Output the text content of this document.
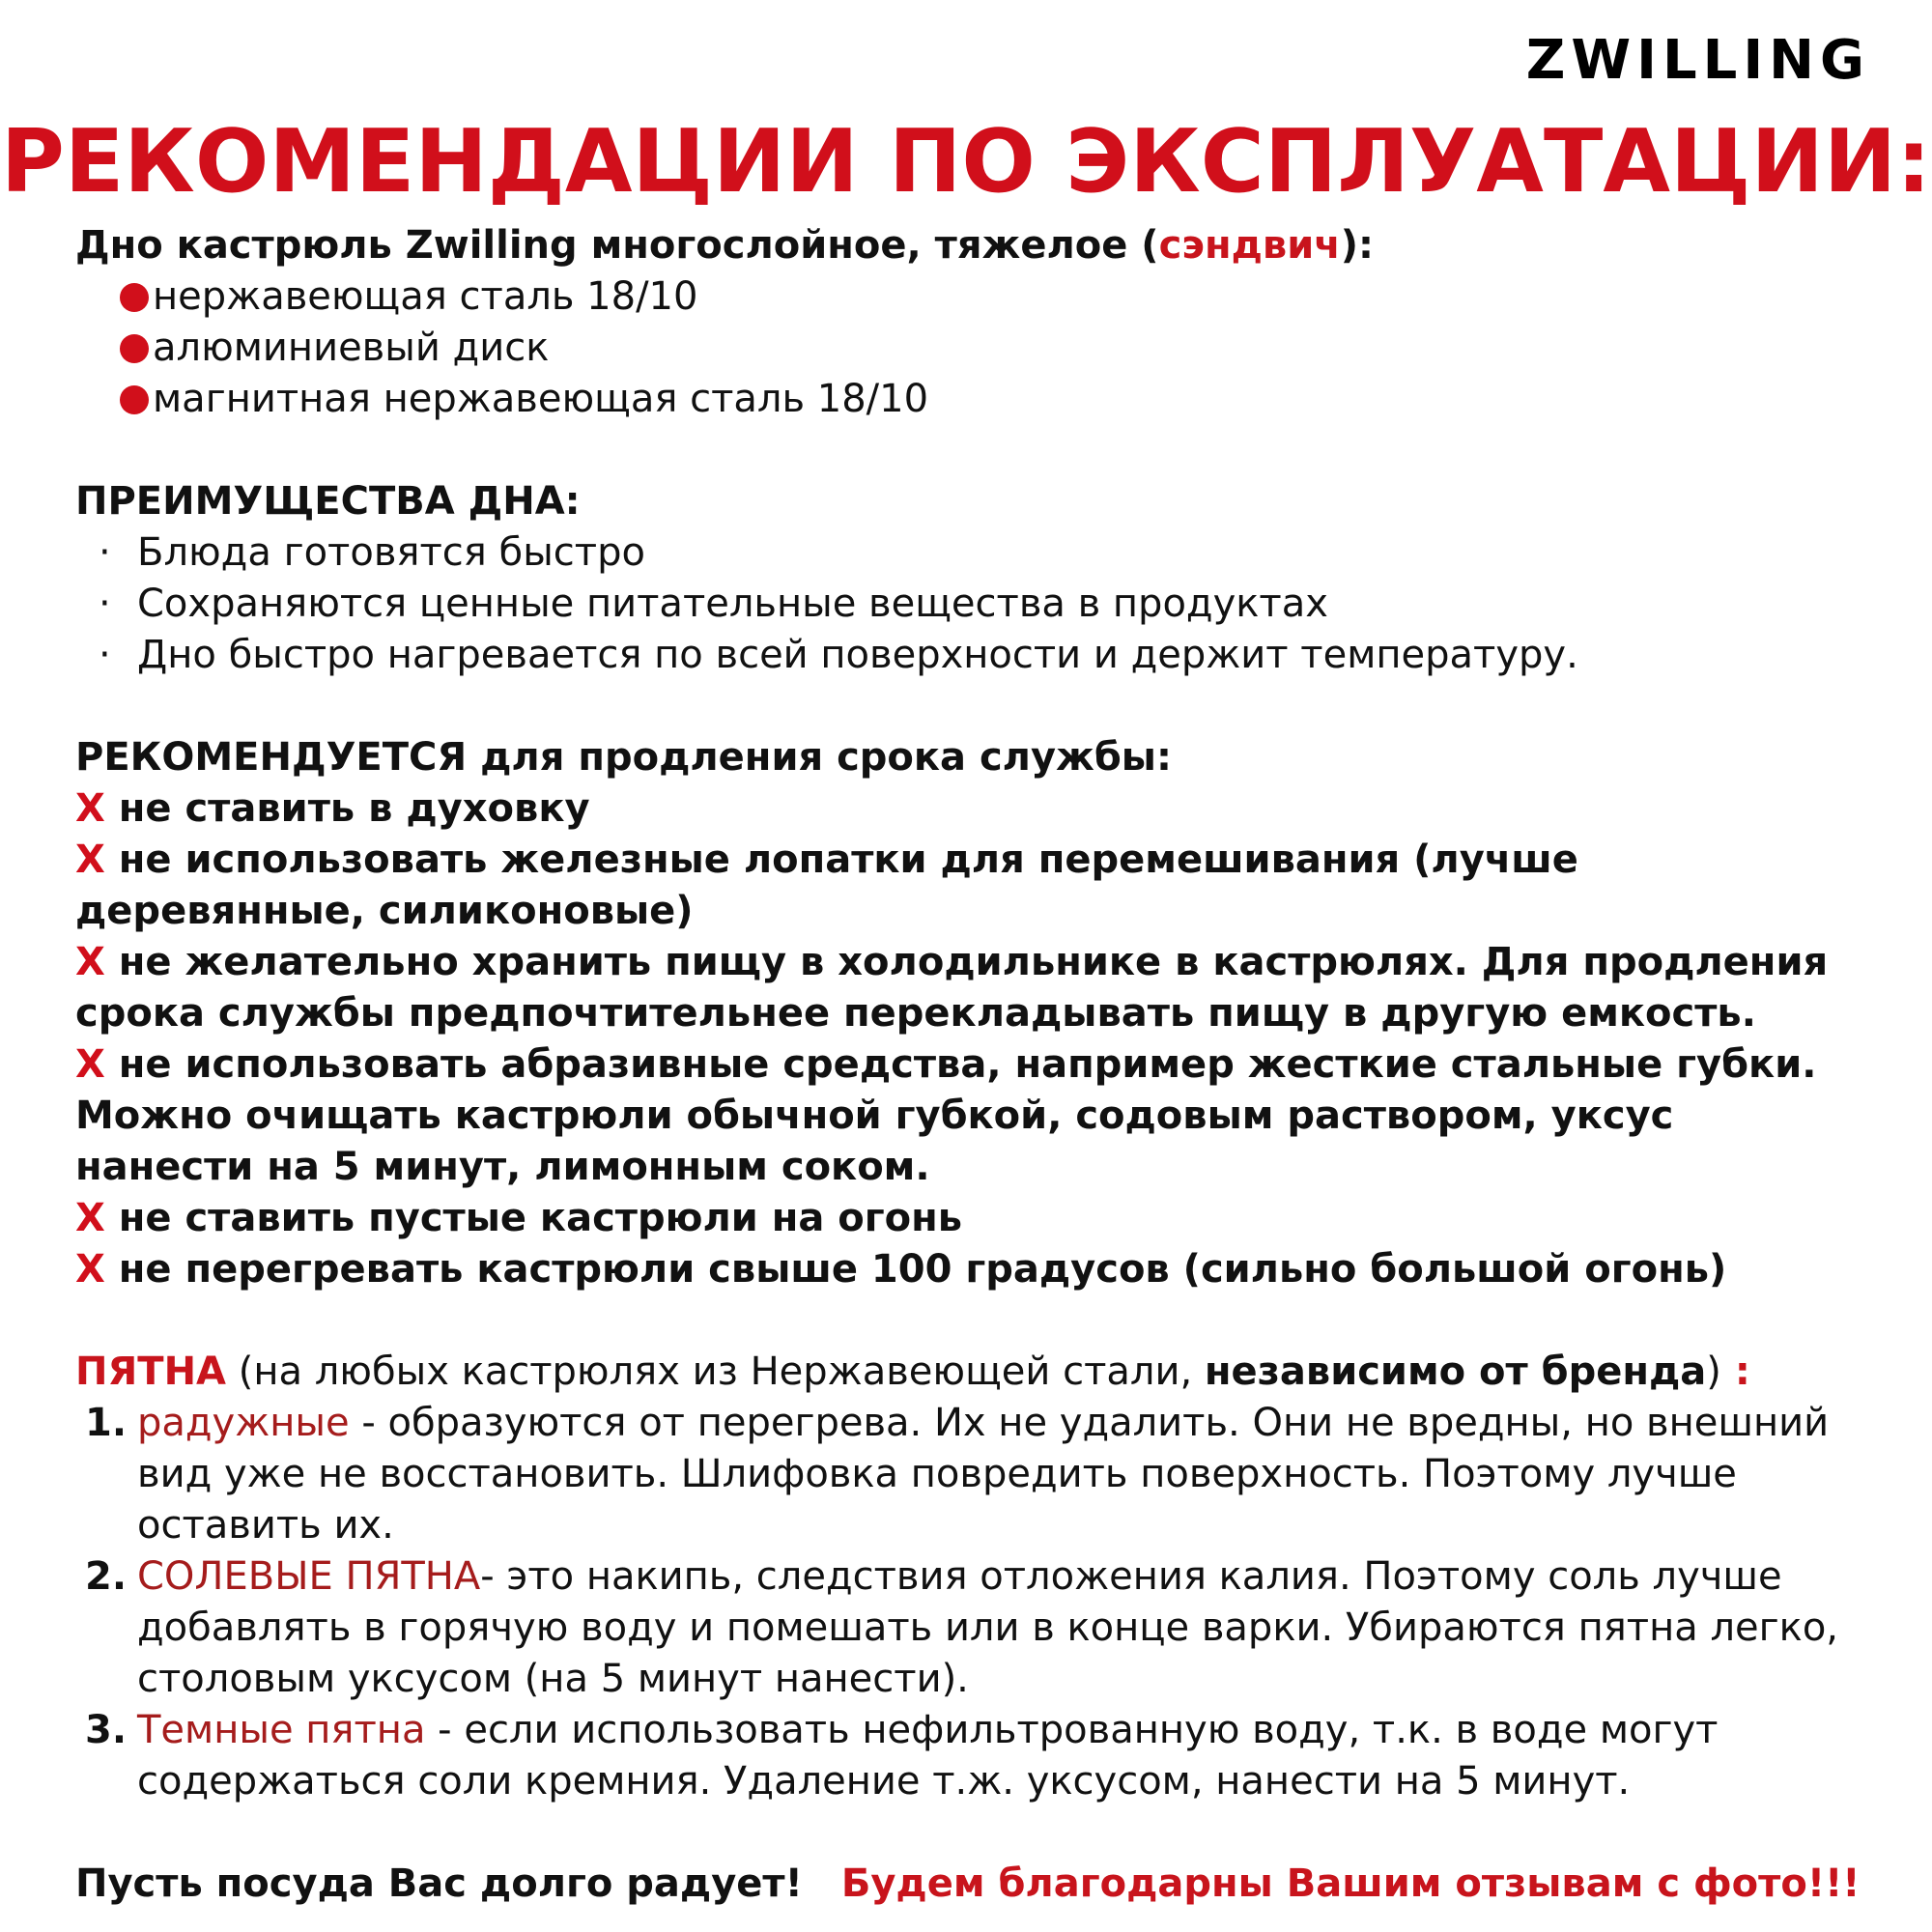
ZWILLING
РЕКОМЕНДАЦИИ ПО ЭКСПЛУАТАЦИИ:
Дно кастрюль Zwilling многослойное, тяжелое (сэндвич):
нержавеющая сталь 18/10
алюминиевый диск
магнитная нержавеющая сталь 18/10
ПРЕИМУЩЕСТВА ДНА:
· Блюда готовятся быстро
· Сохраняются ценные питательные вещества в продуктах
· Дно быстро нагревается по всей поверхности и держит температуру.
РЕКОМЕНДУЕТСЯ для продления срока службы:
Х не ставить в духовку
Х не использовать железные лопатки для перемешивания (лучше деревянные, силиконовые)
Х не желательно хранить пищу в холодильнике в кастрюлях. Для продления срока службы предпочтительнее перекладывать пищу в другую емкость.
Х не использовать абразивные средства, например жесткие стальные губки. Можно очищать кастрюли обычной губкой, содовым раствором, уксус нанести на 5 минут, лимонным соком.
Х не ставить пустые кастрюли на огонь
Х не перегревать кастрюли свыше 100 градусов (сильно большой огонь)
ПЯТНА (на любых кастрюлях из Нержавеющей стали, независимо от бренда) :
1. радужные - образуются от перегрева. Их не удалить. Они не вредны, но внешний вид уже не восстановить. Шлифовка повредить поверхность. Поэтому лучше оставить их.
2. СОЛЕВЫЕ ПЯТНА- это накипь, следствия отложения калия. Поэтому соль лучше добавлять в горячую воду и помешать или в конце варки. Убираются пятна легко, столовым уксусом (на 5 минут нанести).
3. Темные пятна - если использовать нефильтрованную воду, т.к. в воде могут содержаться соли кремния. Удаление т.ж. уксусом, нанести на 5 минут.
Пусть посуда Вас долго радует! Будем благодарны Вашим отзывам с фото!!!
